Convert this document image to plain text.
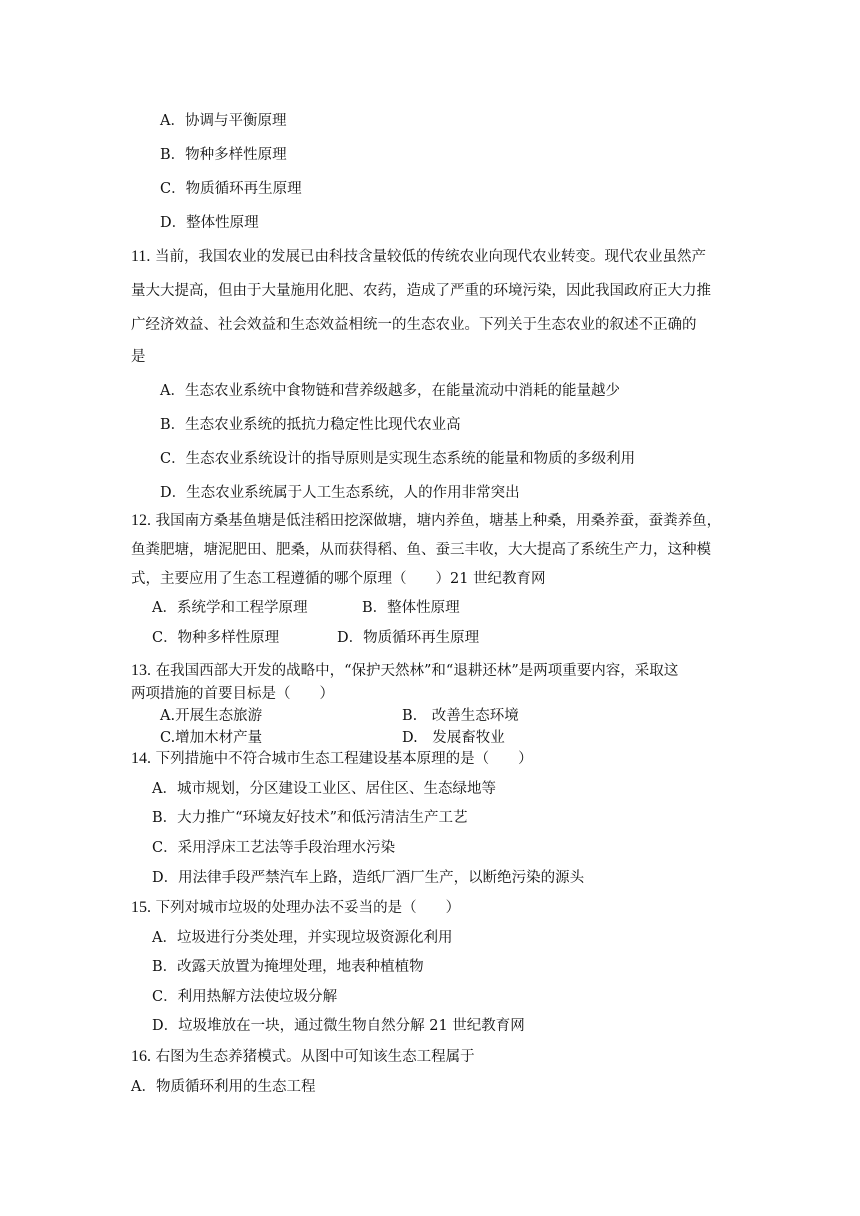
A．协调与平衡原理
B．物种多样性原理
C．物质循环再生原理
D．整体性原理
11. 当前，我国农业的发展已由科技含量较低的传统农业向现代农业转变。现代农业虽然产
量大大提高，但由于大量施用化肥、农药，造成了严重的环境污染，因此我国政府正大力推
广经济效益、社会效益和生态效益相统一的生态农业。下列关于生态农业的叙述不正确的
是
A．生态农业系统中食物链和营养级越多，在能量流动中消耗的能量越少
B．生态农业系统的抵抗力稳定性比现代农业高
C．生态农业系统设计的指导原则是实现生态系统的能量和物质的多级利用
D．生态农业系统属于人工生态系统，人的作用非常突出
12. 我国南方桑基鱼塘是低洼稻田挖深做塘，塘内养鱼，塘基上种桑，用桑养蚕，蚕粪养鱼，
鱼粪肥塘，塘泥肥田、肥桑，从而获得稻、鱼、蚕三丰收，大大提高了系统生产力，这种模
式，主要应用了生态工程遵循的哪个原理（　　）21 世纪教育网
A．系统学和工程学原理	B．整体性原理
C．物种多样性原理	D．物质循环再生原理
13. 在我国西部大开发的战略中，“保护天然林”和“退耕还林”是两项重要内容，采取这
两项措施的首要目标是（　　）
A.开展生态旅游	B.　改善生态环境
C.增加木材产量	D.　发展畜牧业
14. 下列措施中不符合城市生态工程建设基本原理的是（　　）
A．城市规划，分区建设工业区、居住区、生态绿地等
B．大力推广“环境友好技术”和低污清洁生产工艺
C．采用浮床工艺法等手段治理水污染
D．用法律手段严禁汽车上路，造纸厂酒厂生产，以断绝污染的源头
15. 下列对城市垃圾的处理办法不妥当的是（　　）
A．垃圾进行分类处理，并实现垃圾资源化利用
B．改露天放置为掩埋处理，地表种植植物
C．利用热解方法使垃圾分解
D．垃圾堆放在一块，通过微生物自然分解 21 世纪教育网
16. 右图为生态养猪模式。从图中可知该生态工程属于
A．物质循环利用的生态工程
